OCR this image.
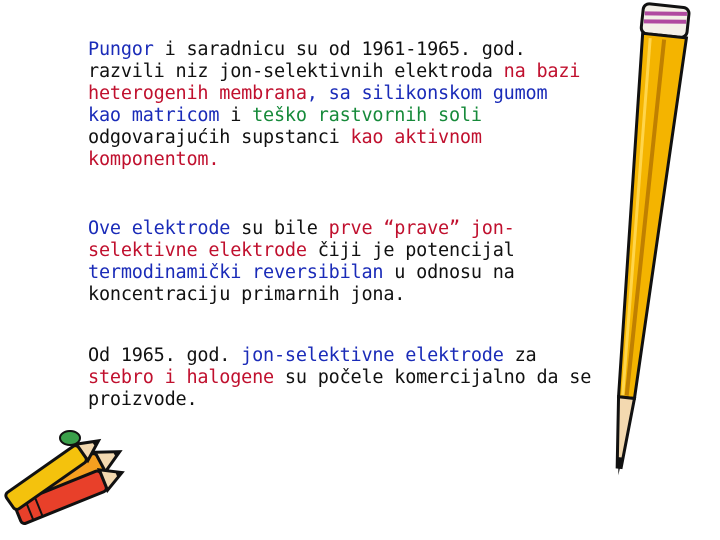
Pungor i saradnicu su od 1961-1965. god.
razvili niz jon-selektivnih elektroda na bazi
heterogenih membrana, sa silikonskom gumom
kao matricom i teško rastvornih soli
odgovarajućih supstanci kao aktivnom
komponentom.
Ove elektrode su bile prve “prave” jon-
selektivne elektrode čiji je potencijal
termodinamički reversibilan u odnosu na
koncentraciju primarnih jona.
Od 1965. god. jon-selektivne elektrode za
stebro i halogene su počele komercijalno da se
proizvode.
